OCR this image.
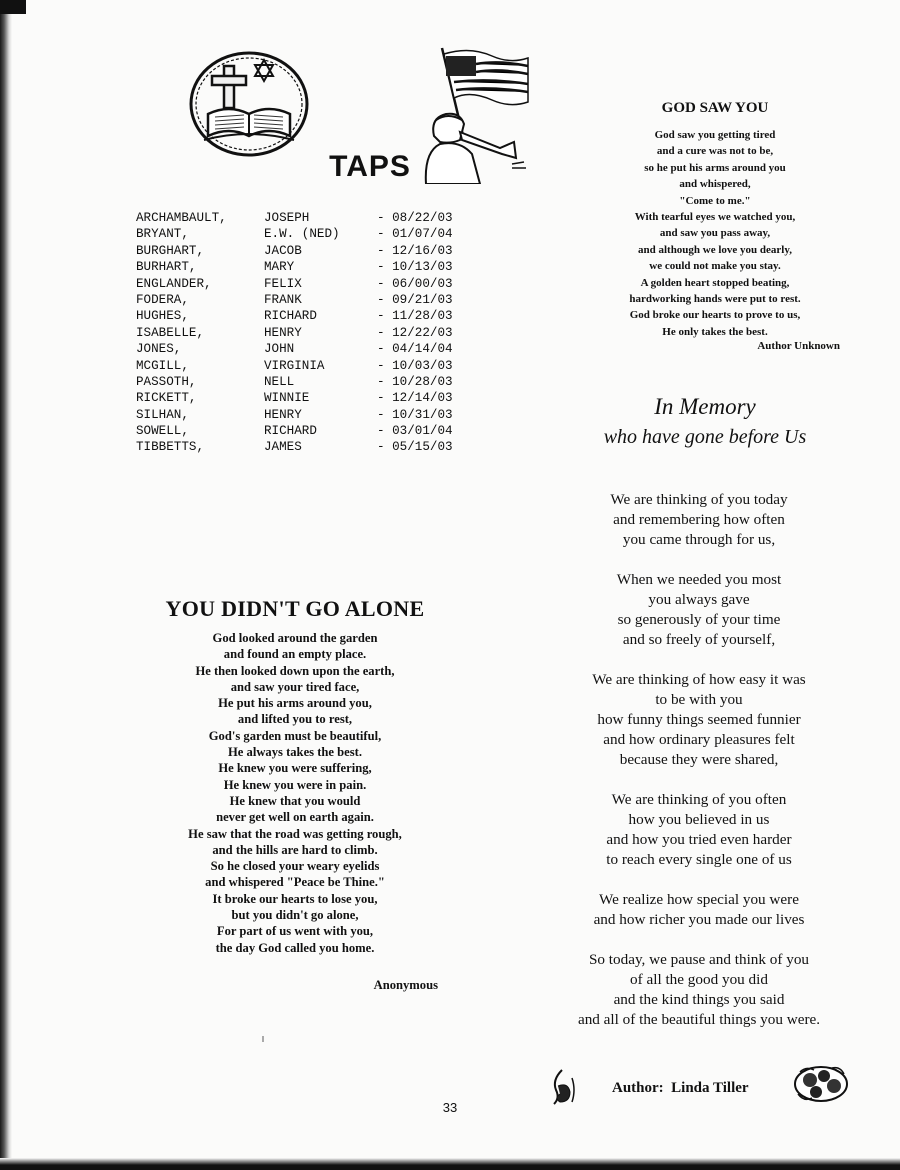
TAPS
ARCHAMBAULT,	JOSEPH	- 08/22/03
BRYANT,	E.W. (NED)	- 01/07/04
BURGHART,	JACOB	- 12/16/03
BURHART,	MARY	- 10/13/03
ENGLANDER,	FELIX	- 06/00/03
FODERA,	FRANK	- 09/21/03
HUGHES,	RICHARD	- 11/28/03
ISABELLE,	HENRY	- 12/22/03
JONES,	JOHN	- 04/14/04
MCGILL,	VIRGINIA	- 10/03/03
PASSOTH,	NELL	- 10/28/03
RICKETT,	WINNIE	- 12/14/03
SILHAN,	HENRY	- 10/31/03
SOWELL,	RICHARD	- 03/01/04
TIBBETTS,	JAMES	- 05/15/03
YOU DIDN'T GO ALONE
God looked around the garden
and found an empty place.
He then looked down upon the earth,
and saw your tired face,
He put his arms around you,
and lifted you to rest,
God's garden must be beautiful,
He always takes the best.
He knew you were suffering,
He knew you were in pain.
He knew that you would
never get well on earth again.
He saw that the road was getting rough,
and the hills are hard to climb.
So he closed your weary eyelids
and whispered "Peace be Thine."
It broke our hearts to lose you,
but you didn't go alone,
For part of us went with you,
the day God called you home.
Anonymous
GOD SAW YOU
God saw you getting tired
and a cure was not to be,
so he put his arms around you
and whispered,
"Come to me."
With tearful eyes we watched you,
and saw you pass away,
and although we love you dearly,
we could not make you stay.
A golden heart stopped beating,
hardworking hands were put to rest.
God broke our hearts to prove to us,
He only takes the best.
Author Unknown
In Memory
who have gone before Us
We are thinking of you today
and remembering how often
you came through for us,
When we needed you most
you always gave
so generously of your time
and so freely of yourself,
We are thinking of how easy it was
to be with you
how funny things seemed funnier
and how ordinary pleasures felt
because they were shared,
We are thinking of you often
how you believed in us
and how you tried even harder
to reach every single one of us
We realize how special you were
and how richer you made our lives
So today, we pause and think of you
of all the good you did
and the kind things you said
and all of the beautiful things you were.
Author:  Linda Tiller
33
